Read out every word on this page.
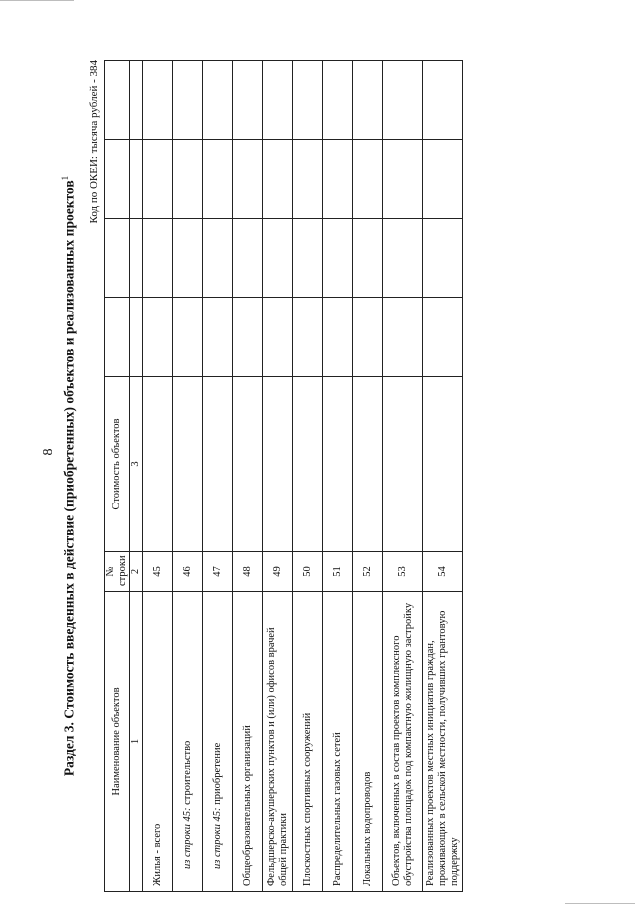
8 Раздел 3. Стоимость введенных в действие (приобретенных) объектов и реализованных проектов$^1$	Код по ОКЕИ: тысяча рублей - 384
Наименование объектов	№ строки	Стоимость объектов				
1	2	3				
Жилья - всего	45					
из строки 45: строительство	46					
из строки 45: приобретение	47					
Общеобразовательных организаций	48					
Фельдшерско-акушерских пунктов и (или) офисов врачей общей практики	49					
Плоскостных спортивных сооружений	50					
Распределительных газовых сетей	51					
Локальных водопроводов	52					
Объектов, включенных в состав проектов комплексного обустройства площадок под компактную жилищную застройку	53					
Реализованных проектов местных инициатив граждан, проживающих в сельской местности, получивших грантовую поддержку	54					
